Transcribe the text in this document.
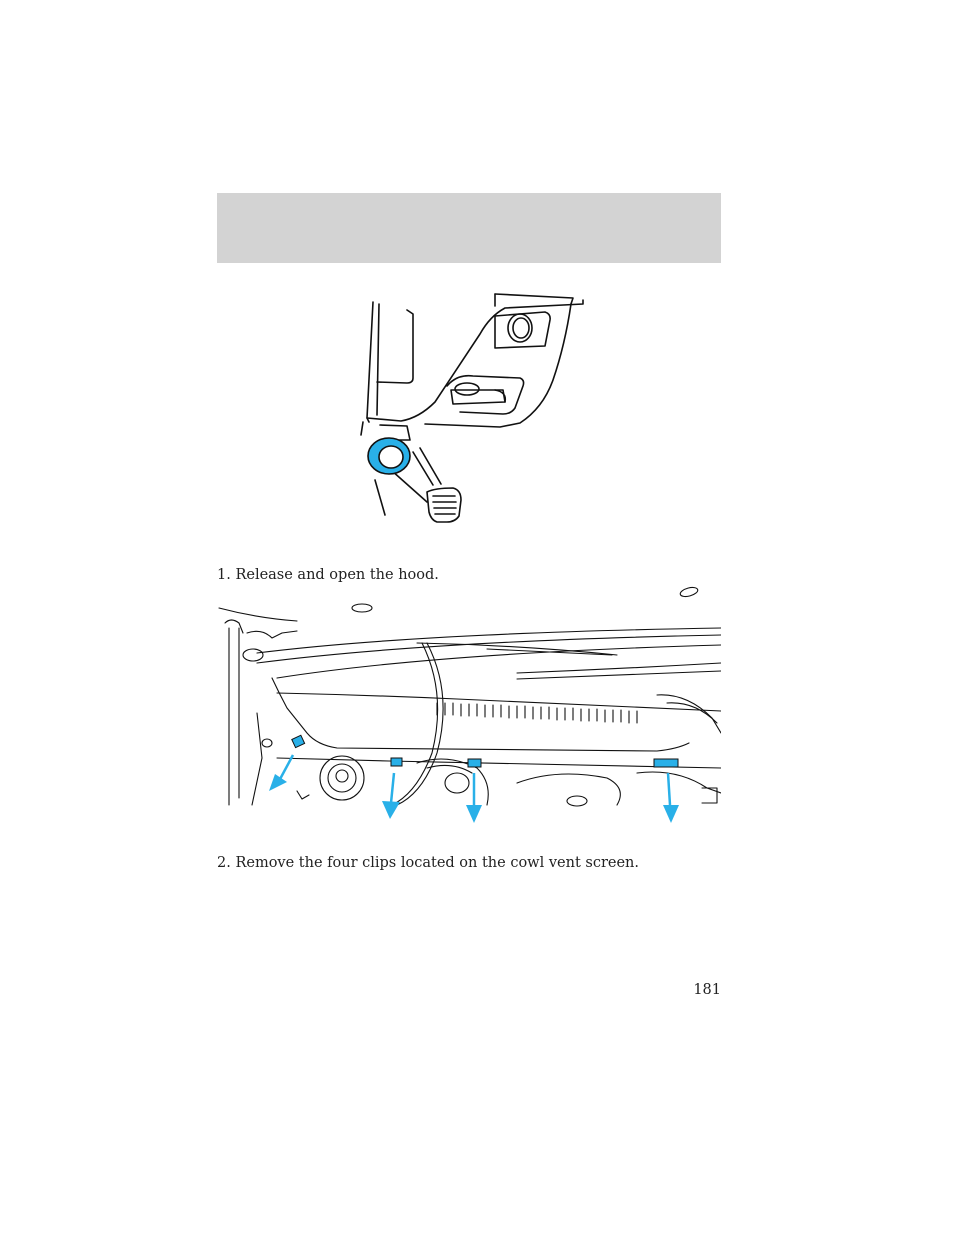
1. Release and open the hood.

2. Remove the four clips located on the cowl vent screen.

181
